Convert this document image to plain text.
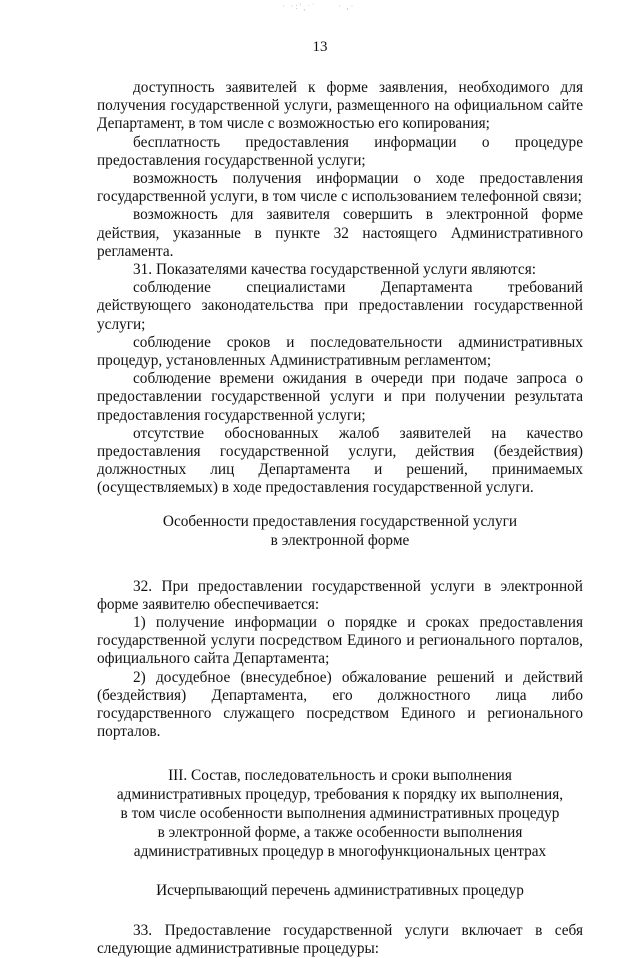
· ·:'¸ˑ˙	· ,·
13

доступность заявителей к форме заявления, необходимого для получения государственной услуги, размещенного на официальном сайте Департамент, в том числе с возможностью его копирования;

бесплатность предоставления информации о процедуре предоставления государственной услуги;

возможность получения информации о ходе предоставления государственной услуги, в том числе с использованием телефонной связи;

возможность для заявителя совершить в электронной форме действия, указанные в пункте 32 настоящего Административного регламента.

31. Показателями качества государственной услуги являются:

соблюдение специалистами Департамента требований действующего законодательства при предоставлении государственной услуги;

соблюдение сроков и последовательности административных процедур, установленных Административным регламентом;

соблюдение времени ожидания в очереди при подаче запроса о предоставлении государственной услуги и при получении результата предоставления государственной услуги;

отсутствие обоснованных жалоб заявителей на качество предоставления государственной услуги, действия (бездействия) должностных лиц Департамента и решений, принимаемых (осуществляемых) в ходе предоставления государственной услуги.

Особенности предоставления государственной услуги
в электронной форме

32. При предоставлении государственной услуги в электронной форме заявителю обеспечивается:

1) получение информации о порядке и сроках предоставления государственной услуги посредством Единого и регионального порталов, официального сайта Департамента;

2) досудебное (внесудебное) обжалование решений и действий (бездействия) Департамента, его должностного лица либо государственного служащего посредством Единого и регионального порталов.

III. Состав, последовательность и сроки выполнения
административных процедур, требования к порядку их выполнения,
в том числе особенности выполнения административных процедур
в электронной форме, а также особенности выполнения
административных процедур в многофункциональных центрах

Исчерпывающий перечень административных процедур

33. Предоставление государственной услуги включает в себя следующие административные процедуры:
